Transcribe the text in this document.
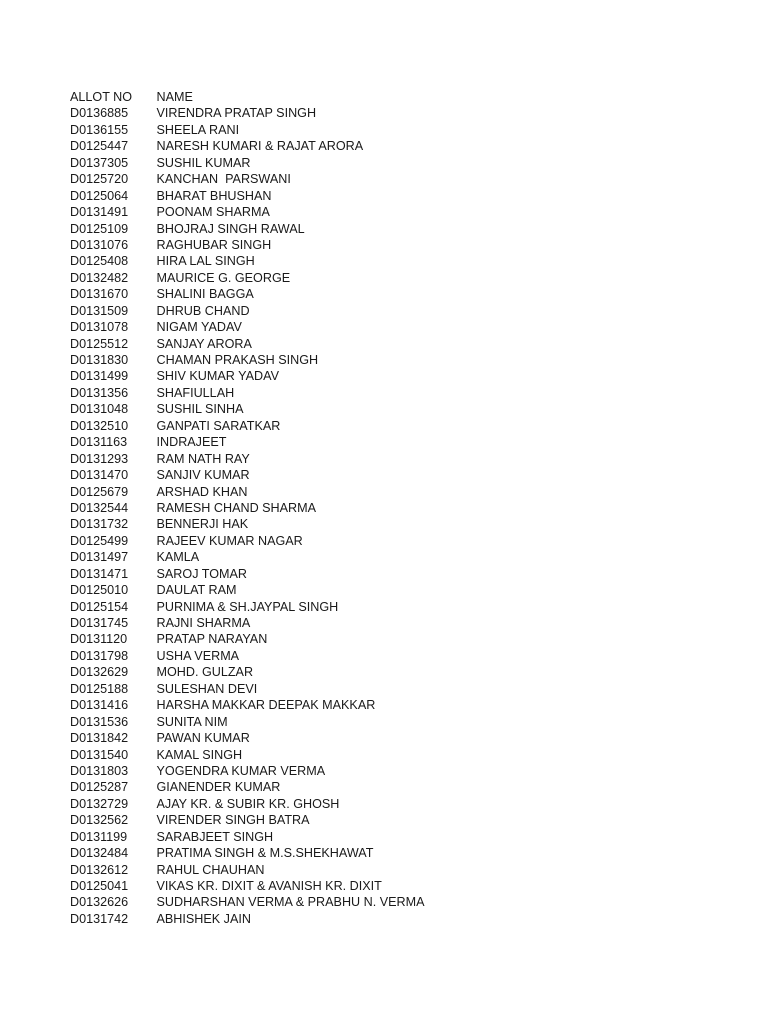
ALLOT NO	NAME
D0136885	VIRENDRA PRATAP SINGH
D0136155	SHEELA RANI
D0125447	NARESH KUMARI & RAJAT ARORA
D0137305	SUSHIL KUMAR
D0125720	KANCHAN  PARSWANI
D0125064	BHARAT BHUSHAN
D0131491	POONAM SHARMA
D0125109	BHOJRAJ SINGH RAWAL
D0131076	RAGHUBAR SINGH
D0125408	HIRA LAL SINGH
D0132482	MAURICE G. GEORGE
D0131670	SHALINI BAGGA
D0131509	DHRUB CHAND
D0131078	NIGAM YADAV
D0125512	SANJAY ARORA
D0131830	CHAMAN PRAKASH SINGH
D0131499	SHIV KUMAR YADAV
D0131356	SHAFIULLAH
D0131048	SUSHIL SINHA
D0132510	GANPATI SARATKAR
D0131163	INDRAJEET
D0131293	RAM NATH RAY
D0131470	SANJIV KUMAR
D0125679	ARSHAD KHAN
D0132544	RAMESH CHAND SHARMA
D0131732	BENNERJI HAK
D0125499	RAJEEV KUMAR NAGAR
D0131497	KAMLA
D0131471	SAROJ TOMAR
D0125010	DAULAT RAM
D0125154	PURNIMA & SH.JAYPAL SINGH
D0131745	RAJNI SHARMA
D0131120	PRATAP NARAYAN
D0131798	USHA VERMA
D0132629	MOHD. GULZAR
D0125188	SULESHAN DEVI
D0131416	HARSHA MAKKAR DEEPAK MAKKAR
D0131536	SUNITA NIM
D0131842	PAWAN KUMAR
D0131540	KAMAL SINGH
D0131803	YOGENDRA KUMAR VERMA
D0125287	GIANENDER KUMAR
D0132729	AJAY KR. & SUBIR KR. GHOSH
D0132562	VIRENDER SINGH BATRA
D0131199	SARABJEET SINGH
D0132484	PRATIMA SINGH & M.S.SHEKHAWAT
D0132612	RAHUL CHAUHAN
D0125041	VIKAS KR. DIXIT & AVANISH KR. DIXIT
D0132626	SUDHARSHAN VERMA & PRABHU N. VERMA
D0131742	ABHISHEK JAIN
